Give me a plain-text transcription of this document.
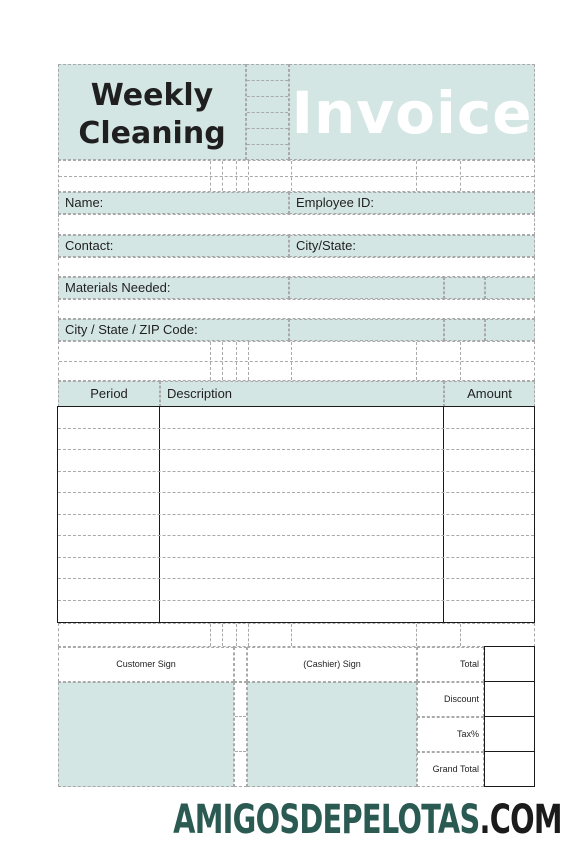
Weekly
Cleaning	Invoice
Name:	Employee ID:
Contact:	City/State:
Materials Needed:
City / State / ZIP Code:
Period	Description	Amount
Customer Sign	(Cashier) Sign	Total
Discount
Tax%
Grand Total
AMIGOSDEPELOTAS.COM
